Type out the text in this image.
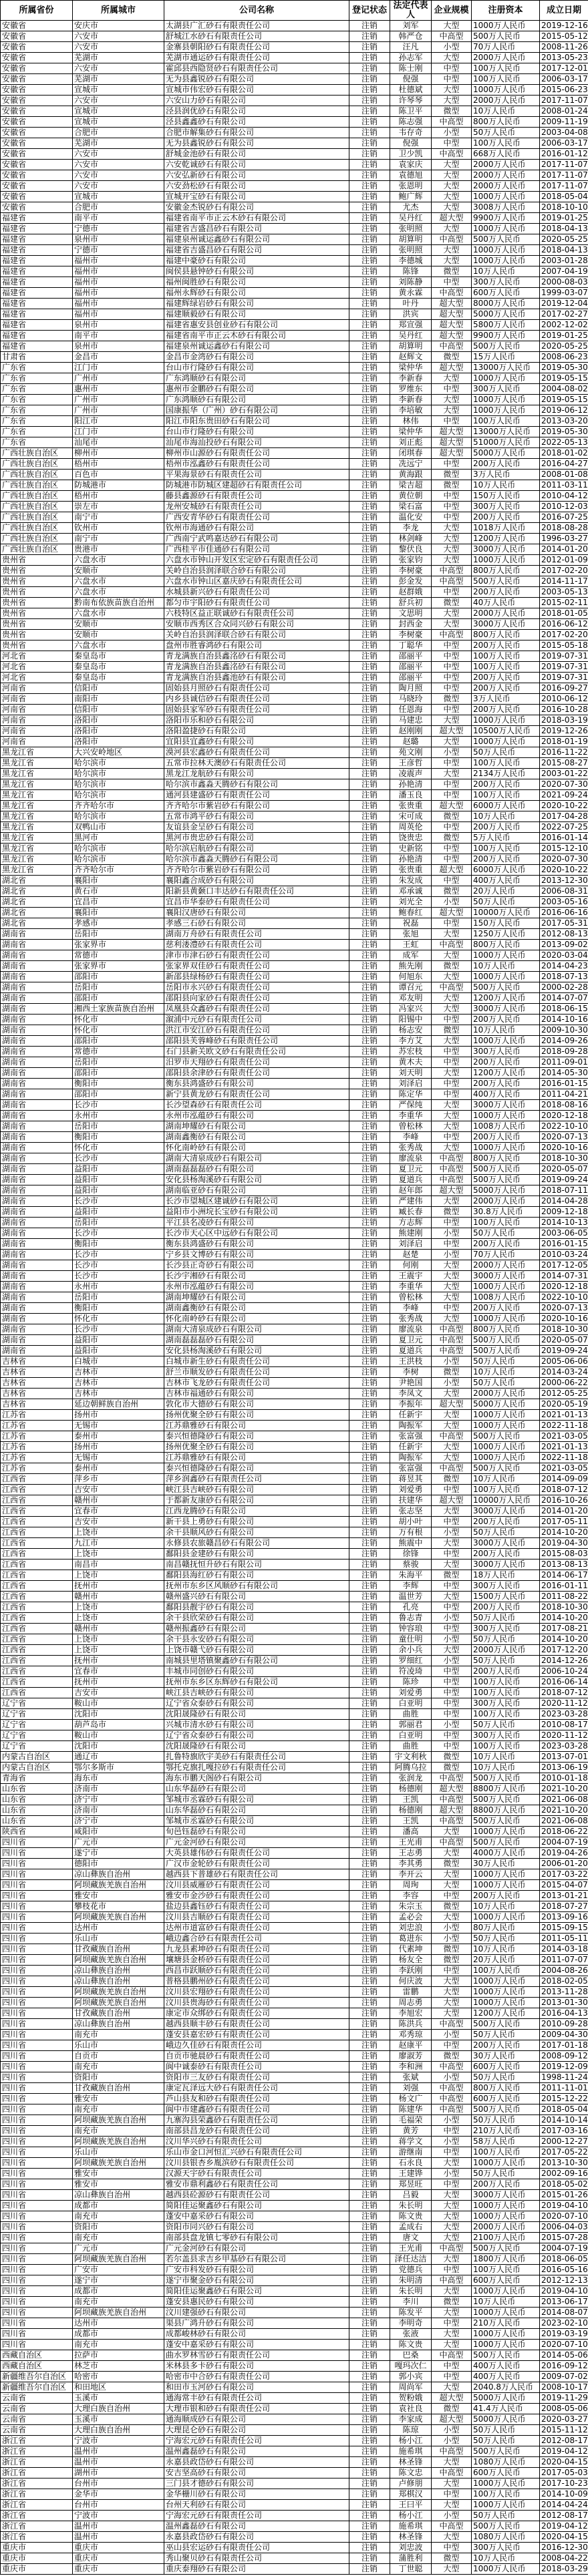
所属省份	所属城市	公司名称	登记状态	法定代表人	企业规模	注册资本	成立日期
安徽省	安庆市	太湖县广汇砂石有限责任公司	注销	刘军	大型	1000万人民币	2019-12-16
安徽省	六安市	舒城江水砂石有限责任公司	注销	韩严仓	中高型	500万人民币	2015-05-12
安徽省	六安市	金寨县朝阳砂石有限责任公司	注销	汪凡	小型	70万人民币	2008-11-26
安徽省	芜湖市	芜湖市通运砂石有限责任公司	注销	孙志军	大型	2000万人民币	2013-05-23
安徽省	六安市	霍邱县西隐贤砂石有限责任公司	注销	陈士刚	中型	100万人民币	2017-12-01
安徽省	芜湖市	无为县鑫锐砂石有限公司	注销	倪强	中型	100万人民币	2006-03-17
安徽省	宣城市	宣城市伟宏砂石有限公司	注销	杜德斌	大型	1000万人民币	2015-06-23
安徽省	六安市	六安山力砂石有限公司	注销	许琴琴	大型	2000万人民币	2017-11-07
安徽省	宣城市	泾县润优砂石有限公司	注销	陈卫平	微型	10万人民币	2008-01-24
安徽省	宣城市	泾县鑫鑫砂石有限公司	注销	陈志强	中高型	800万人民币	2009-11-19
安徽省	合肥市	合肥市解集砂石有限公司	注销	韦存奇	小型	50万人民币	2003-04-08
安徽省	芜湖市	无为县鑫锐砂石有限公司	注销	倪强	中型	100万人民币	2006-03-17
安徽省	六安市	舒城金池砂石有限公司	注销	卫少凯	中高型	668万人民币	2016-01-12
安徽省	六安市	六安乾诚砂石有限公司	注销	袁家庆	大型	2000万人民币	2017-11-07
安徽省	六安市	六安弘新砂石有限公司	注销	袁德旭	大型	2000万人民币	2017-11-07
安徽省	六安市	六安劲松砂石有限公司	注销	张恩明	大型	2000万人民币	2017-11-07
安徽省	宣城市	宣城开宝砂石有限公司	注销	鲍广辉	大型	1000万人民币	2018-05-04
安徽省	合肥市	安徽金杰锐砂石有限公司	注销	尤杰	大型	3008万人民币	2018-10-10
福建省	南平市	福建省南平市正云木砂石有限公司	注销	吴丹红	超大型	9900万人民币	2019-01-25
福建省	宁德市	福建省吉盛昌砂石有限公司	注销	张明照	大型	1000万人民币	2018-04-13
福建省	泉州市	福建泉州诚运鑫砂石有限公司	注销	胡算明	中高型	500万人民币	2020-05-25
福建省	宁德市	福建省吉盛昌砂石有限公司	注销	张明照	大型	1000万人民币	2018-04-13
福建省	福州市	福建中豪砂石有限公司	注销	李德城	大型	1000万人民币	2003-01-28
福建省	福州市	闽侯县悬钟砂石有限公司	注销	陈锋	微型	10万人民币	2007-04-19
福建省	福州市	福州闽胜砂石有限公司	注销	刘陈静	中型	300万人民币	2000-08-03
福建省	福州市	福州永辉砂石有限公司	注销	黄永霖	中高型	600万人民币	1999-03-07
福建省	福州市	福建辉绿岩砂石有限公司	注销	叶丹	超大型	8000万人民币	2019-12-04
福建省	福州市	福建顺毅砂石有限公司	注销	洪宾	超大型	5000万人民币	2017-02-27
福建省	泉州市	福建省惠安县创业砂石有限公司	注销	郑宣强	超大型	5800万人民币	2002-12-02
福建省	南平市	福建省南平市正云木砂石有限公司	注销	吴丹红	超大型	9900万人民币	2019-01-25
福建省	泉州市	福建泉州诚运鑫砂石有限公司	注销	胡算明	中高型	500万人民币	2020-05-25
甘肃省	金昌市	金昌市金湾砂石有限公司	注销	赵辉文	微型	15万人民币	2008-06-23
广东省	江门市	台山市行隆砂石有限公司	注销	梁仲华	超大型	13000万人民币	2019-05-30
广东省	广州市	广东鸿顺砂石有限公司	注销	李新春	大型	1000万人民币	2019-05-15
广东省	惠州市	惠州市金鹏砂石有限公司	注销	罗维东	中型	300万人民币	2004-08-02
广东省	广州市	广东鸿顺砂石有限公司	注销	李新春	大型	1000万人民币	2019-05-15
广东省	广州市	国康振华（广州）砂石有限公司	注销	李培敏	大型	1000万人民币	2019-06-12
广东省	阳江市	阳江市阳东贵田砂石有限公司	注销	林伟	中型	100万人民币	2013-03-20
广东省	江门市	台山市行隆砂石有限公司	注销	梁仲华	超大型	13000万人民币	2019-05-30
广东省	汕尾市	汕尾市海汕投砂石有限公司	注销	刘正彪	超大型	51000万人民币	2022-05-13
广西壮族自治区	柳州市	柳州市山源砂石有限责任公司	注销	闭琪春	超大型	5000万人民币	2018-01-02
广西壮族自治区	梧州市	梧州市泓鑫砂石有限责任公司	注销	冼远宁	中型	200万人民币	2016-04-27
广西壮族自治区	百色市	平果海景砂石有限责任公司	注销	黄海跟	微型	3万人民币	2008-01-08
广西壮族自治区	防城港市	防城港市防城区建超砂石有限责任公司	注销	梁吉超	微型	10万人民币	2011-03-11
广西壮族自治区	梧州市	藤县鑫源砂石有限责任公司	注销	黄位朝	中型	150万人民币	2010-04-12
广西壮族自治区	崇左市	龙州安城砂石有限责任公司	注销	梁石富	中型	300万人民币	2010-12-03
广西壮族自治区	南宁市	广西安青华砂石有限责任公司	注销	温化安	中型	200万人民币	2016-07-25
广西壮族自治区	钦州市	钦州市海通砂石有限公司	注销	李龙	大型	1018万人民币	2018-08-28
广西壮族自治区	南宁市	广西南宁武鸣嘉达砂石有限公司	注销	林剑峰	大型	1200万人民币	1996-03-27
广西壮族自治区	贵港市	广西桂平市佳通砂石有限公司	注销	黎伏良	大型	3000万人民币	2014-01-20
贵州省	六盘水市	六盘水市钟山开发区宏定砂石有限责任公司	注销	张家钧	大型	1000万人民币	2012-01-09
贵州省	安顺市	关岭自治县润泽联合砂石有限公司	注销	李树豪	中高型	800万人民币	2017-02-20
贵州省	六盘水市	六盘水市钟山区嘉庆砂石有限责任公司	注销	彭金发	中高型	500万人民币	2014-11-17
贵州省	六盘水市	水城县新兴砂石有限责任公司	注销	赵群娥	中型	200万人民币	2003-05-13
贵州省	黔南布依族苗族自治州	都匀市宇阳砂石有限责任公司	注销	舒兵初	微型	40万人民币	2015-02-11
贵州省	六盘水市	六枝特区益正联诚砂石有限责任公司	注销	文思明	大型	2000万人民币	2018-01-05
贵州省	安顺市	安顺市西秀区合众同兴砂石有限公司	注销	封西金	大型	3000万人民币	2016-06-12
贵州省	安顺市	关岭自治县润泽联合砂石有限公司	注销	李树豪	中高型	800万人民币	2017-02-20
贵州省	六盘水市	盘州市胜睿鸿砂石有限公司	注销	丁聪华	中型	200万人民币	2015-05-18
河北省	秦皇岛市	青龙满族自治县鑫洺砂石有限公司	注销	邵丽平	中型	100万人民币	2019-07-31
河北省	秦皇岛市	青龙满族自治县鑫洺砂石有限公司	注销	邵丽平	中型	100万人民币	2019-07-31
河北省	秦皇岛市	青龙满族自治县鑫池砂石有限公司	注销	邵丽平	中型	200万人民币	2019-07-31
河南省	信阳市	固始县月照砂石有限责任公司	注销	陶月照	中型	200万人民币	2016-09-27
河南省	南阳市	内乡县诚信砂石有限责任公司	注销	马晓玲	微型	3万人民币	2010-06-12
河南省	信阳市	固始县家军砂石有限责任公司	注销	任恩海	中型	200万人民币	2016-10-28
河南省	洛阳市	洛阳市乐和砂石有限公司	注销	马建忠	大型	1000万人民币	2018-03-19
河南省	洛阳市	洛阳盈捷砂石有限公司	注销	赵刚刚	超大型	10500万人民币	2019-12-26
河南省	洛阳市	宜阳县宜鑫砂石有限公司	注销	赵璐	大型	1000万人民币	2018-01-19
黑龙江省	大兴安岭地区	漠河县宏鑫砂石有限责任公司	注销	苑文刚	小型	50万人民币	2016-11-22
黑龙江省	哈尔滨市	五常市拉林天澳砂石有限责任公司	注销	王彦哲	中型	100万人民币	2015-08-27
黑龙江省	哈尔滨市	黑龙江龙航砂石有限公司	注销	凌震声	大型	2134万人民币	2003-01-22
黑龙江省	哈尔滨市	哈尔滨市鑫淼天腾砂石有限公司	注销	孙艳清	中型	200万人民币	2020-07-30
黑龙江省	哈尔滨市	通河县建盛砂石有限责任公司	注销	潘玉良	中型	100万人民币	2021-09-24
黑龙江省	齐齐哈尔市	齐齐哈尔市紫岩砂石有限公司	注销	张贵重	超大型	6000万人民币	2020-10-22
黑龙江省	哈尔滨市	五常市鸿平砂石有限公司	注销	宋可成	微型	10万人民币	2017-04-28
黑龙江省	双鸭山市	友谊县金呈砂石有限公司	注销	周英伦	中型	200万人民币	2022-07-25
黑龙江省	黑河市	黑河市贵忠砂石有限公司	注销	饶贵忠	微型	5万人民币	2016-01-14
黑龙江省	哈尔滨市	哈尔滨启航砂石有限公司	注销	史新铭	中型	100万人民币	2015-12-10
黑龙江省	哈尔滨市	哈尔滨市鑫淼天腾砂石有限公司	注销	孙艳清	中型	200万人民币	2020-07-30
黑龙江省	齐齐哈尔市	齐齐哈尔市紫岩砂石有限公司	注销	张贵重	超大型	6000万人民币	2020-10-22
湖北省	襄阳市	襄阳鑫合成砂石有限公司	注销	朱发成	中型	400万人民币	2013-12-30
湖北省	黄石市	阳新县黄颡口丰达砂石有限责任公司	注销	邓承诚	微型	20万人民币	2006-08-31
湖北省	宜昌市	宜昌市华泰砂石有限责任公司	注销	刘光全	小型	50万人民币	2003-05-16
湖北省	襄阳市	襄阳汉唐砂石有限公司	注销	鲍春红	超大型	10000万人民币	2016-06-16
湖北省	孝感市	孝感三石砂石有限公司	注销	祝磊	中型	150万人民币	2017-05-31
湖南省	岳阳市	湖南万舟砂石有限责任公司	注销	张旭	大型	1250万人民币	2012-08-13
湖南省	张家界市	慈利溇澧砂石有限责任公司	注销	王虹	中高型	800万人民币	2013-09-02
湖南省	常德市	津市市津石砂石有限责任公司	注销	成军	大型	1000万人民币	2020-03-04
湖南省	张家界市	张家界双佳砂石有限责任公司	注销	熊先刚	微型	10万人民币	2014-04-23
湖南省	邵阳市	新邵县绿杨砂石有限责任公司	注销	何旭东	大型	1000万人民币	2018-07-13
湖南省	岳阳市	岳阳市永兴砂石有限责任公司	注销	谭召元	中高型	500万人民币	2000-02-28
湖南省	邵阳市	邵阳县向家砂石有限责任公司	注销	邓友明	大型	1200万人民币	2014-07-07
湖南省	湘西土家族苗族自治州	凤凰县众鑫砂石有限责任公司	注销	冯家兴	大型	3000万人民币	2018-06-15
湖南省	怀化市	溆浦中元砂石有限责任公司	注销	阳锡中	中型	200万人民币	2014-10-16
湖南省	怀化市	洪江市安江砂石有限责任公司	注销	杨志安	微型	10万人民币	2009-10-30
湖南省	邵阳市	邵阳县芙蓉峰砂石有限责任公司	注销	李方艾	大型	1000万人民币	2014-09-26
湖南省	常德市	石门县新关欧文砂石有限责任公司	注销	苏宏枝	中型	300万人民币	2018-09-28
湖南省	岳阳市	汨罗市天翔砂石有限责任公司	注销	黄木夫	中型	200万人民币	2011-09-01
湖南省	邵阳市	邵阳县余津砂石有限责任公司	注销	刘天明	大型	1200万人民币	2014-05-30
湖南省	衡阳市	衡东县鸿盛砂石有限公司	注销	刘泽启	中型	200万人民币	2016-01-15
湖南省	邵阳市	新宁县黄龙砂石有限责任公司	注销	陈定华	中型	400万人民币	2011-04-21
湖南省	长沙市	长沙望森砂石有限责任公司	注销	严保纯	大型	3000万人民币	2018-08-16
湖南省	永州市	永州市泓蕴砂石有限公司	注销	李重华	大型	1000万人民币	2020-12-18
湖南省	岳阳市	湖南坤耀砂石有限公司	注销	曾松林	大型	1008万人民币	2022-10-10
湖南省	衡阳市	湖南鑫衡砂石有限公司	注销	李峰	中型	200万人民币	2020-07-13
湖南省	怀化市	怀化南岭砂石有限公司	注销	张秀战	大型	1000万人民币	2020-10-16
湖南省	长沙市	湖南大清泉成砂石有限公司	注销	廖流泉	中高型	800万人民币	2018-10-30
湖南省	益阳市	湖南磊磊磊砂石有限公司	注销	夏卫元	中高型	500万人民币	2020-05-07
湖南省	益阳市	安化县杨淘溪砂石有限公司	注销	夏道兵	中高型	500万人民币	2019-09-24
湖南省	益阳市	湖南临亚砂石有限公司	注销	赵年郎	超大型	5000万人民币	2018-07-11
湖南省	长沙市	长沙市望城区建诚砂石有限公司	注销	严建伟	大型	2000万人民币	2014-04-28
湖南省	益阳市	益阳市小洲垸长宝砂石有限公司	注销	臧长春	微型	30.8万人民币	2009-12-18
湖南省	岳阳市	平江县名凌砂石有限公司	注销	方志辉	中型	100万人民币	2014-10-13
湖南省	长沙市	长沙市天心区中远砂石有限公司	注销	熊建刚	小型	50万人民币	2003-06-05
湖南省	衡阳市	衡东县鸿盛砂石有限公司	注销	刘泽启	中型	200万人民币	2016-01-15
湖南省	长沙市	宁乡县文博砂石有限公司	注销	赵楚	小型	70万人民币	2010-03-24
湖南省	长沙市	长沙县正奇砂石有限公司	注销	何刚	大型	2000万人民币	2017-12-05
湖南省	长沙市	长沙宇湘砂石有限公司	注销	王震宇	大型	3000万人民币	2014-07-31
湖南省	永州市	永州市泓蕴砂石有限公司	注销	李重华	大型	1000万人民币	2020-12-18
湖南省	岳阳市	湖南坤耀砂石有限公司	注销	曾松林	大型	1008万人民币	2022-10-10
湖南省	衡阳市	湖南鑫衡砂石有限公司	注销	李峰	中型	200万人民币	2020-07-13
湖南省	怀化市	怀化南岭砂石有限公司	注销	张秀战	大型	1000万人民币	2020-10-16
湖南省	长沙市	湖南大清泉成砂石有限公司	注销	廖流泉	中高型	800万人民币	2018-10-30
湖南省	益阳市	湖南磊磊磊砂石有限公司	注销	夏卫元	中高型	500万人民币	2020-05-07
湖南省	益阳市	安化县杨淘溪砂石有限公司	注销	夏道兵	中高型	500万人民币	2019-09-24
吉林省	白城市	白城市新生砂石有限责任公司	注销	王洪枝	小型	50万人民币	2005-06-06
吉林省	吉林市	舒兰市顺发砂石有限责任公司	注销	李树	微型	10万人民币	2014-03-24
吉林省	吉林市	吉林市飞龙砂石有限责任公司	注销	尹艳国	小型	50万人民币	2000-06-22
吉林省	吉林市	吉林市福通砂石有限公司	注销	李凤文	大型	2000万人民币	2012-05-25
吉林省	延边朝鲜族自治州	敦化市大德砂石有限公司	注销	李振年	超大型	5000万人民币	2020-05-19
江苏省	扬州市	扬州优聚全砂石有限公司	注销	任新宇	大型	1000万人民币	2021-01-13
江苏省	无锡市	江苏鼎雅砂石有限公司	注销	陶振军	大型	1000万人民币	2022-11-18
江苏省	泰州市	泰兴恒德隆砂石有限公司	注销	张富强	中高型	500万人民币	2021-03-05
江苏省	扬州市	扬州优聚全砂石有限公司	注销	任新宇	大型	1000万人民币	2021-01-13
江苏省	无锡市	江苏鼎雅砂石有限公司	注销	陶振军	大型	1000万人民币	2022-11-18
江苏省	泰州市	泰兴恒德隆砂石有限公司	注销	张富强	中高型	500万人民币	2021-03-05
江西省	萍乡市	萍乡润鑫砂石有限责任公司	注销	蒋昱其	微型	10万人民币	2014-09-09
江西省	吉安市	峡江县吉峡砂石有限公司	注销	刘爱勇	中型	100万人民币	2018-07-12
江西省	赣州市	于都新友康砂石有限公司	注销	扶建华	超大型	10000万人民币	2016-10-26
江西省	宜春市	江西龙腾砂石有限公司	注销	张志坚	大型	3000万人民币	2014-01-20
江西省	吉安市	新干县上勇砂石有限公司	注销	胡小叶	中型	200万人民币	2017-05-11
江西省	上饶市	余干县顺风砂石有限公司	注销	万有根	小型	50万人民币	2014-10-20
江西省	九江市	永修县农旅赣昌砂石有限公司	注销	熊震中	大型	3000万人民币	2019-04-30
江西省	上饶市	鄱阳县金建砂石有限公司	注销	徐锋	中型	200万人民币	2015-08-03
江西省	南昌市	南昌赣抚恒升砂石有限公司	注销	蔡骏	大型	3000万人民币	2013-08-13
江西省	上饶市	鄱阳县海红砂石有限公司	注销	朱海平	微型	18万人民币	2014-06-17
江西省	抚州市	抚州市东乡区风顺砂石有限公司	注销	李辉	中型	300万人民币	2016-01-11
江西省	赣州市	赣州盛兴砂石有限公司	注销	温世芳	大型	1500万人民币	2011-08-22
江西省	上饶市	鄱阳县靓宇砂石有限公司	注销	孔亮	中型	200万人民币	2018-10-30
江西省	上饶市	余干县欣荣砂石有限公司	注销	鲁志青	小型	50万人民币	2014-10-20
江西省	赣州市	赣州振鑫砂石有限公司	注销	钟容琅	中型	300万人民币	2017-08-21
江西省	上饶市	余干县永安砂石有限公司	注销	童仕明	小型	50万人民币	2014-10-20
江西省	上饶市	上饶市赣弋砂石有限公司	注销	余小兵	大型	2000万人民币	2017-12-20
江西省	抚州市	南城县里塔镇聚鑫砂石有限公司	注销	罗细红	小型	50万人民币	2014-12-26
江西省	宜春市	丰城市同创砂石有限公司	注销	符凌琦	中型	200万人民币	2006-10-24
江西省	抚州市	抚州市东乡区东辉砂石有限公司	注销	陈珍	中型	100万人民币	2016-06-14
江西省	吉安市	峡江县吉峡砂石有限公司	注销	刘爱勇	中型	100万人民币	2018-07-12
辽宁省	鞍山市	辽宁省众泰砂石有限公司	注销	白亚明	中型	300万人民币	2020-11-12
辽宁省	沈阳市	沈阳晟隆砂石有限公司	注销	曲胜	中型	100万人民币	2023-03-28
辽宁省	葫芦岛市	兴城市清水砂石有限公司	注销	郭丽君	小型	50万人民币	2010-08-17
辽宁省	鞍山市	辽宁省众泰砂石有限公司	注销	白亚明	中型	300万人民币	2020-11-12
辽宁省	沈阳市	沈阳晟隆砂石有限公司	注销	曲胜	中型	100万人民币	2023-03-28
内蒙古自治区	通辽市	扎鲁特旗欣宇美砂石有限责任公司	注销	宇文利秋	微型	10万人民币	2013-07-01
内蒙古自治区	鄂尔多斯市	鄂托克旗扎嘎拉砂石有限责任公司	注销	阿腾乌拉	微型	10万人民币	2013-06-19
青海省	海东市	海东市鹏天阁砂石有限公司	注销	张润龙	中高型	500万人民币	2010-01-18
山东省	济南市	山东华磊砂石有限公司	注销	杨德刚	超大型	8800万人民币	2021-10-20
山东省	济宁市	邹城市丞霖砂石有限公司	注销	王凯	中高型	500万人民币	2021-06-08
山东省	济南市	山东华磊砂石有限公司	注销	杨德刚	超大型	8800万人民币	2021-10-20
山东省	济宁市	邹城市丞霖砂石有限公司	注销	王凯	中高型	500万人民币	2021-06-08
陕西省	咸阳市	旬邑钰磊砂石有限公司	注销	潘高	大型	1000万人民币	2018-06-22
四川省	广元市	广元金河砂石有限公司	注销	王光甫	中高型	500万人民币	2004-07-19
四川省	遂宁市	大英县雄伟砂石有限责任公司	注销	王志勇	大型	4000万人民币	2019-04-26
四川省	德阳市	广汉市金轮砂石有限责任公司	注销	李其勇	微型	30万人民币	2006-01-20
四川省	凉山彝族自治州	越西县下普雄砂石有限责任公司	注销	李开云	大型	1000万人民币	2017-03-22
四川省	阿坝藏族羌族自治州	汶川县威雁砂石有限责任公司	注销	周珣	大型	1000万人民币	2015-04-07
四川省	雅安市	雅安市金沙砂石有限责任公司	注销	李容	中型	200万人民币	2013-01-21
四川省	攀枝花市	盐边县鑫钰砂石有限责任公司	注销	朱宗玉	微型	10万人民币	2018-07-27
四川省	阿坝藏族羌族自治州	汶川县吉顺砂石有限责任公司	注销	孟必会	大型	1000万人民币	2013-09-16
四川省	达州市	达州市道富砂石有限责任公司	注销	刘忠浪	小型	80万人民币	2015-09-15
四川省	乐山市	峨边鑫合砂石有限责任公司	注销	葛进东	小型	50万人民币	2011-05-11
四川省	甘孜藏族自治州	九龙县素坤砂石有限责任公司	注销	代素坤	微型	10万人民币	2014-03-18
四川省	阿坝藏族羌族自治州	壤塘县金桥砂石有限责任公司	注销	杨友全	微型	20万人民币	2011-07-07
四川省	凉山彝族自治州	西昌市跃顺砂石有限责任公司	注销	李跃刚	中型	100万人民币	2004-08-26
四川省	凉山彝族自治州	普格县鹏州砂石有限责任公司	注销	何庆波	大型	1000万人民币	2018-02-05
四川省	阿坝藏族羌族自治州	汶川县宏翔砂石有限责任公司	注销	雷鹏	大型	1000万人民币	2013-11-28
四川省	阿坝藏族羌族自治州	汶川县贵海砂石有限责任公司	注销	周志勇	大型	1000万人民币	2013-01-30
四川省	甘孜藏族自治州	康定市众绑砂石有限责任公司	注销	李旭宏	大型	1200万人民币	2016-04-13
四川省	凉山彝族自治州	越西县顺丰砂石有限责任公司	注销	陈洪兵	中高型	500万人民币	2010-09-28
四川省	南充市	蓬安县嘉宏砂石有限责任公司	注销	邓秀琼	小型	50万人民币	2009-04-30
四川省	乐山市	峨边久佳砂石有限责任公司	注销	赵康平	中型	200万人民币	2017-01-18
四川省	自贡市	自贡市驰晨砂石有限责任公司	注销	廖淑芳	微型	30万人民币	2008-09-12
四川省	南充市	阆中诚泰砂石有限责任公司	注销	李和洲	中高型	600万人民币	2019-12-09
四川省	资阳市	资阳市三友砂石有限责任公司	注销	张斌	小型	50万人民币	1998-11-24
四川省	甘孜藏族自治州	康定瓦泽远大砂石有限责任公司	注销	刘强	中高型	800万人民币	2011-11-01
四川省	雅安市	芦山县友和砂石有限责任公司	注销	杨文广	中高型	600万人民币	2015-12-22
四川省	南充市	阆中市建鑫砂石有限责任公司	注销	陈建华	中高型	500万人民币	2018-05-04
四川省	阿坝藏族羌族自治州	九寨沟县荣鑫砂石有限责任公司	注销	毛福荣	小型	50万人民币	2014-10-14
四川省	南充市	南部县昌龙砂石有限责任公司	注销	黄芳	中型	210万人民币	2017-03-16
四川省	阿坝藏族羌族自治州	汶川华兴砂石有限责任公司	注销	蒋学文	小型	58万人民币	2000-12-27
四川省	乐山市	乐山市金口河恒汇兴砂石有限责任公司	注销	游继南	中型	100万人民币	2017-05-22
四川省	阿坝藏族羌族自治州	汶川县银杏乡胤滨砂石有限责任公司	注销	石永良	大型	1000万人民币	2013-10-30
四川省	雅安市	汉源天宇砂石有限责任公司	注销	王建铧	小型	50万人民币	2002-09-16
四川省	雅安市	雅安市鼎利鑫砂石有限责任公司	注销	郑昱旺	中型	200万人民币	2018-05-02
四川省	凉山彝族自治州	越西县砼源砂石有限责任公司	注销	吕毅	大型	3000万人民币	2015-01-26
四川省	成都市	简阳佳运聚鑫砂石有限公司	注销	朱长明	大型	1000万人民币	2019-04-10
四川省	南充市	蓬安中嘉采砂石有限公司	注销	陈文贵	大型	1000万人民币	2020-07-10
四川省	资阳市	资阳市同兴砂石有限公司	注销	孟成右	大型	2000万人民币	2006-04-03
四川省	南充市	南部县盘龙镇七零砂石有限公司	注销	唐文	大型	2100万人民币	2015-07-28
四川省	广元市	广元金河砂石有限公司	注销	王光甫	中高型	500万人民币	2004-07-19
四川省	阿坝藏族羌族自治州	若尔盖县求吉乡甲基砂石有限公司	注销	泽任达洁	大型	1800万人民币	2018-06-05
四川省	广安市	广安市科发砂石有限公司	注销	党德兵	中型	100万人民币	2016-05-16
四川省	遂宁市	遂宁市聚金砂石有限公司	注销	朱明清	中高型	600万人民币	2012-12-13
四川省	成都市	简阳佳运聚鑫砂石有限公司	注销	朱长明	大型	1000万人民币	2019-04-10
四川省	南充市	蓬安县惠民砂石有限公司	注销	李川	微型	10万人民币	2013-06-17
四川省	阿坝藏族羌族自治州	汶川建强砂石有限公司	注销	陈发平	大型	1000万人民币	2014-08-07
四川省	达州市	渠县广鸿升砂石有限公司	注销	李明奇	中型	210万人民币	2023-02-10
四川省	成都市	成都峻林砂石有限公司	注销	张液	大型	1000万人民币	2019-03-19
四川省	南充市	蓬安中嘉采砂石有限公司	注销	陈文贵	大型	1000万人民币	2020-07-10
西藏自治区	拉萨市	曲水罗林雪砂石有限责任公司	注销	巴桑	中高型	500万人民币	2014-05-06
西藏自治区	林芝市	米林县多卡砂石有限公司	注销	嘎玛次仁	中型	400万人民币	2016-09-12
新疆维吾尔自治区	哈密市	哈密市中合砂石有限责任公司	注销	郭小宾	中型	400万人民币	2009-07-02
新疆维吾尔自治区	和田地区	和田市玉河砂石有限公司	注销	周尚军	大型	2040.8万人民币	2008-10-17
云南省	玉溪市	通海常丰砂石有限责任公司	注销	贺粉娥	超大型	5000万人民币	2019-11-29
云南省	大理白族自治州	大理市银和砂石有限责任公司	注销	袁社良	微型	41.4万人民币	2008-05-06
云南省	玉溪市	通海顺成砂石有限公司	注销	李家成	超大型	5000万人民币	2020-03-27
云南省	大理白族自治州	大理昆仑砂石有限公司	注销	陈琼	小型	50万人民币	2015-11-12
浙江省	宁波市	宁海宏元砂石有限责任公司	注销	杨小江	小型	50万人民币	2012-08-17
浙江省	温州市	温州鑫磊砂石有限公司	注销	施希琪	中高型	500万人民币	2019-04-12
浙江省	温州市	永嘉县政岱砂石有限公司	注销	林圣锋	大型	1080万人民币	2020-04-15
浙江省	湖州市	安吉坚高砂石有限公司	注销	陈文忠	中高型	600万人民币	2017-05-03
浙江省	台州市	三门县才德砂石有限公司	注销	卢修朋	大型	1000万人民币	2017-10-23
浙江省	金华市	金华栅川砂石有限公司	注销	郑棋汉	中型	100万人民币	2014-10-09
浙江省	台州市	台州天利砂石有限公司	注销	王曰平	大型	1000万人民币	2014-04-24
浙江省	宁波市	宁海宏元砂石有限责任公司	注销	杨小江	小型	50万人民币	2012-08-17
浙江省	温州市	温州鑫磊砂石有限公司	注销	施希琪	中高型	500万人民币	2019-04-12
浙江省	温州市	永嘉县政岱砂石有限公司	注销	林圣锋	大型	1080万人民币	2020-04-15
重庆市	重庆市	巫山县宏运砂石有限责任公司	注销	刘忠波	中型	300万人民币	2016-12-30
重庆市	重庆市	秀山聚贝砂石有限责任公司	注销	蒲胜利	微型	10万人民币	2008-04-22
重庆市	重庆市	重庆泰翔砂石有限公司	注销	丁世聪	大型	1000万人民币	2018-03-29
